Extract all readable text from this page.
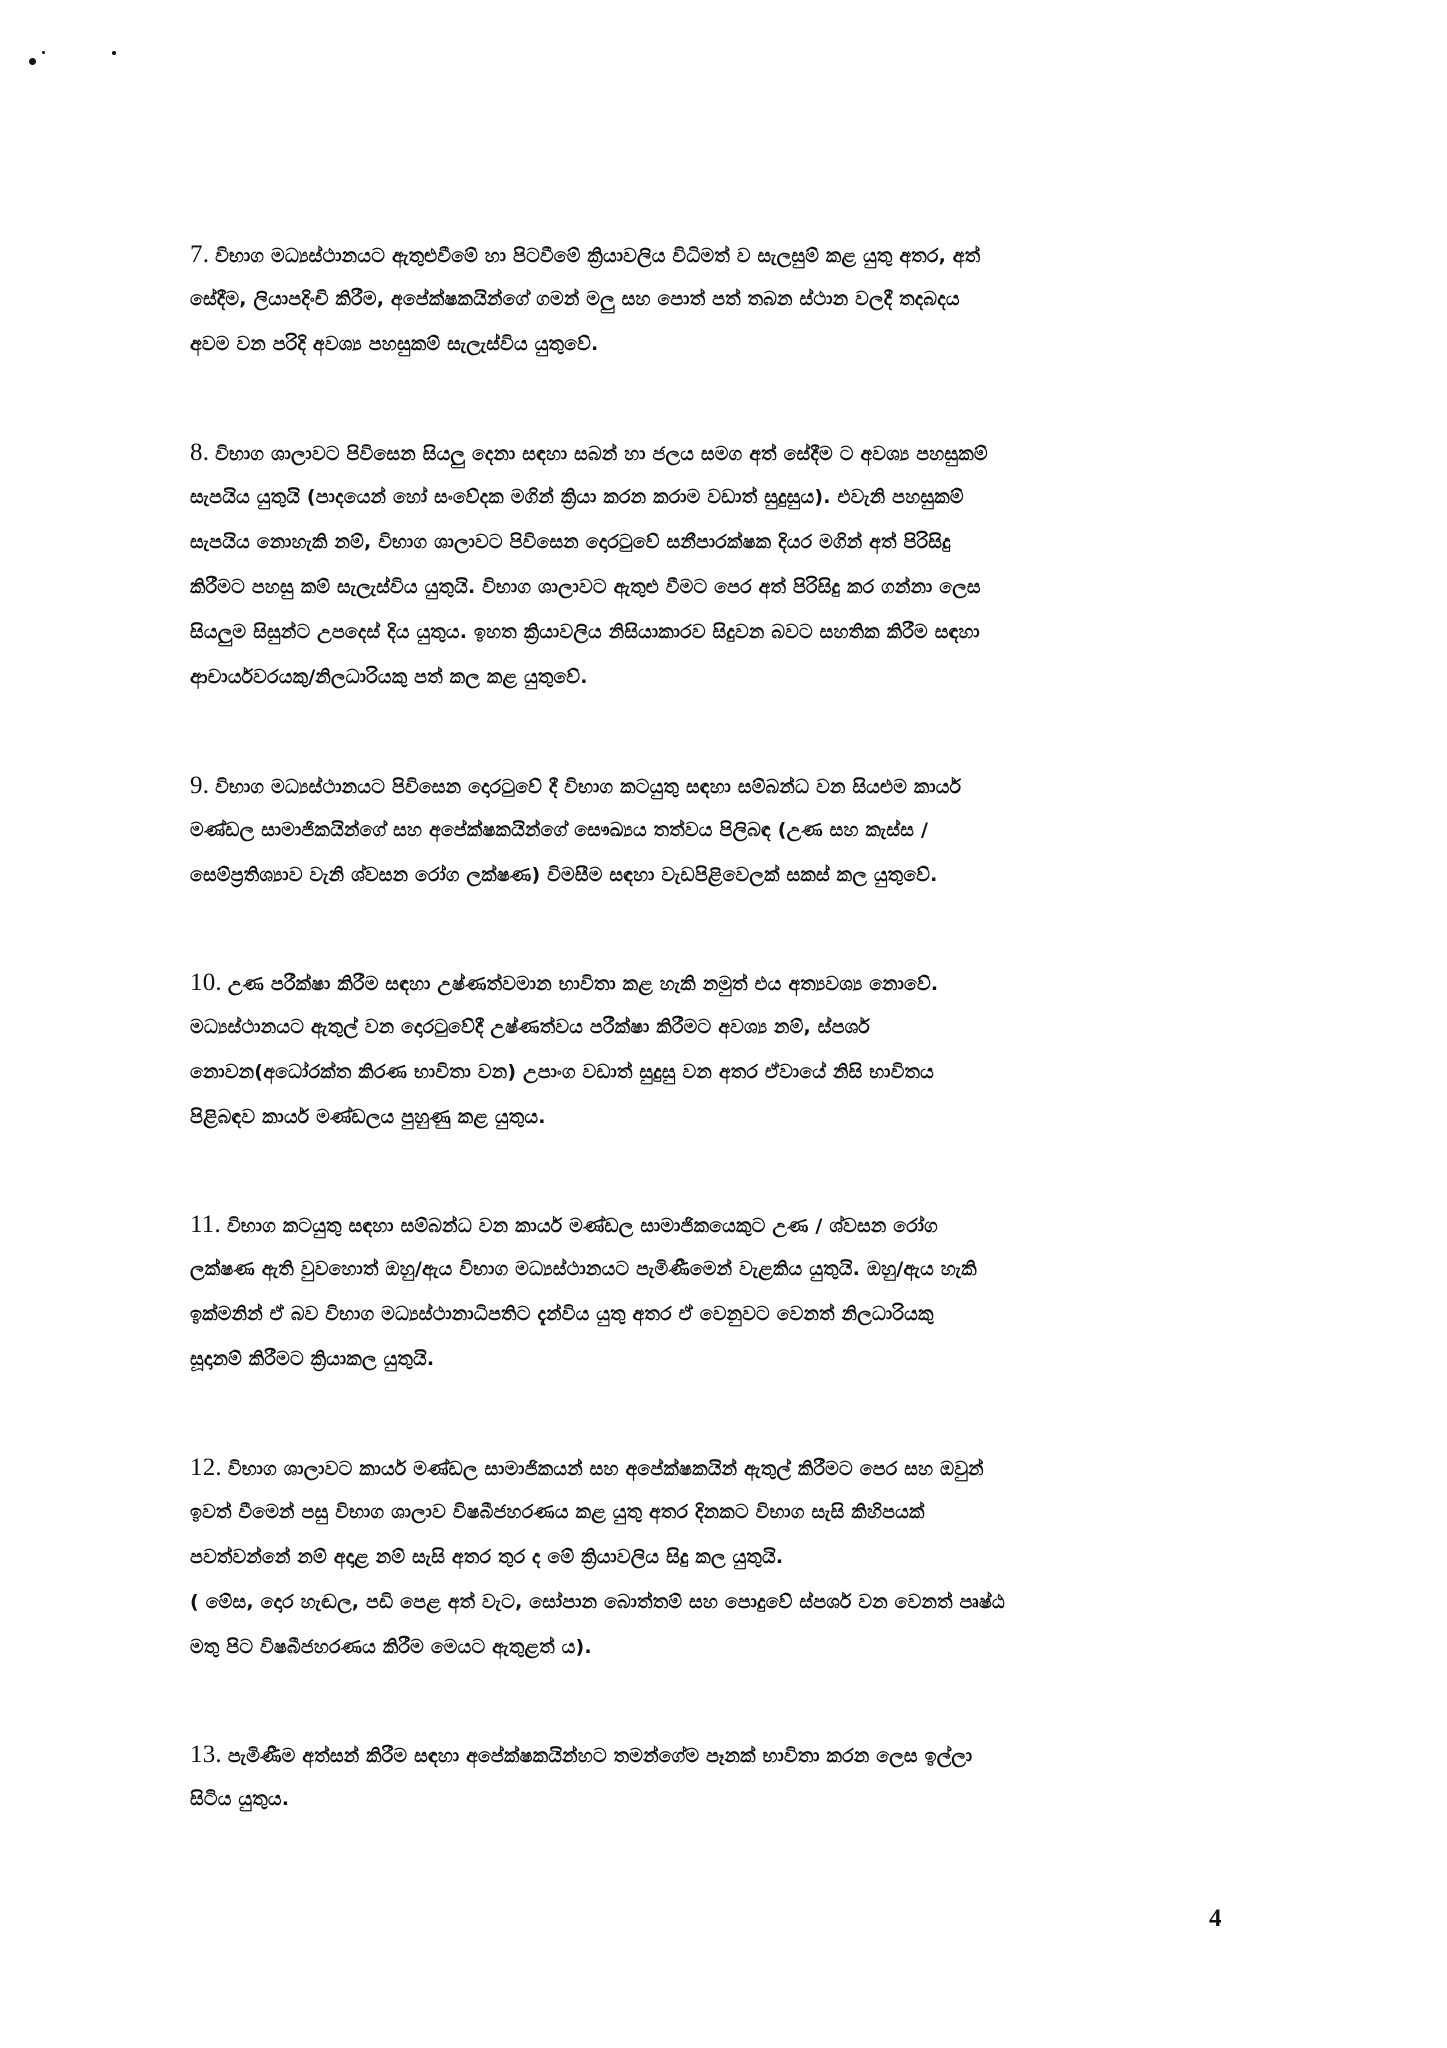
7. විභාග මධ්‍යස්ථානයට ඇතුළුවීමේ හා පිටවීමේ ක්‍රියාවලිය විධිමත් ව සැලසුම් කළ යුතු අතර, අත්
සේදීම, ලියාපදිංචි කිරීම, අපේක්ෂකයින්ගේ ගමන් මලු සහ පොත් පත් තබන ස්ථාන වලදී තදබදය
අවම වන පරිදි අවශ්‍ය පහසුකම් සැලැස්විය යුතුවේ.
8. විභාග ශාලාවට පිවිසෙන සියලු දෙනා සඳහා සබන් හා ජලය සමග අත් සේදීම ට අවශ්‍ය පහසුකම්
සැපයිය යුතුයි (පාදයෙන් හෝ සංවේදක මගින් ක්‍රියා කරන කරාම වඩාත් සුදුසුය). එවැනි පහසුකම්
සැපයිය නොහැකි නම්, විභාග ශාලාවට පිවිසෙන දොරටුවේ සනීපාරක්ෂක දියර මගින් අත් පිරිසිදු
කිරීමට පහසු කම් සැලැස්විය යුතුයි. විභාග ශාලාවට ඇතුළු වීමට පෙර අත් පිරිසිදු කර ගන්නා ලෙස
සියලුම සිසුන්ට උපදෙස් දිය යුතුය. ඉහත ක්‍රියාවලිය නිසියාකාරව සිදුවන බවට සහතික කිරීම සඳහා
ආචාර්යවරයකු/නිලධාරියකු පත් කල කළ යුතුවේ.
9. විභාග මධ්‍යස්ථානයට පිවිසෙන දොරටුවේ දී විභාග කටයුතු සඳහා සම්බන්ධ වන සියළුම කාර්ය
මණ්ඩල සාමාජිකයින්ගේ සහ අපේක්ෂකයින්ගේ සෞඛ්‍යය තත්වය පිලිබඳ (උණ සහ කැස්ස /
සෙම්ප්‍රතිශ්‍යාව වැනි ශ්වසන රෝග ලක්ෂණ) විමසීම සඳහා වැඩපිළිවෙලක් සකස් කල යුතුවේ.
10. උණ පරීක්ෂා කිරීම සඳහා උෂ්ණත්වමාන භාවිතා කළ හැකි නමුත් එය අත්‍යවශ්‍ය නොවේ.
මධ්‍යස්ථානයට ඇතුල් වන දොරටුවේදී උෂ්ණත්වය පරීක්ෂා කිරීමට අවශ්‍ය නම්, ස්පර්ශ
නොවන(අධෝරක්ත කිරණ භාවිතා වන) උපාංග වඩාත් සුදුසු වන අතර ඒවායේ නිසි භාවිතය
පිළිබඳව කාර්ය මණ්ඩලය පුහුණු කළ යුතුය.
11. විභාග කටයුතු සඳහා සම්බන්ධ වන කාර්ය මණ්ඩල සාමාජිකයෙකුට උණ / ශ්වසන රෝග
ලක්ෂණ ඇති වුවහොත් ඔහු/ඇය විභාග මධ්‍යස්ථානයට පැමිණීමෙන් වැළකිය යුතුයි. ඔහු/ඇය හැකි
ඉක්මනින් ඒ බව විභාග මධ්‍යස්ථානාධිපතිට දැන්විය යුතු අතර ඒ වෙනුවට වෙනත් නිලධාරියකු
සූදානම් කිරීමට ක්‍රියාකල යුතුයි.
12. විභාග ශාලාවට කාර්ය මණ්ඩල සාමාජිකයන් සහ අපේක්ෂකයින් ඇතුල් කිරීමට පෙර සහ ඔවුන්
ඉවත් වීමෙන් පසු විභාග ශාලාව විෂබීජහරණය කළ යුතු අතර දිනකට විභාග සැසි කිහිපයක්
පවත්වන්නේ නම් අදාළ නම් සැසි අතර තුර ද මේ ක්‍රියාවලිය සිදු කල යුතුයි.
( මේස, දොර හැඬල, පඩි පෙළ අත් වැට, සෝපාන බොත්තම් සහ පොදුවේ ස්පර්ශ වන වෙනත් පෘෂ්ඨ
මතු පිට විෂබීජහරණය කිරීම මෙයට ඇතුළත් ය).
13. පැමිණීම අත්සන් කිරීම සඳහා අපේක්ෂකයින්හට තමන්ගේම පෑනක් භාවිතා කරන ලෙස ඉල්ලා
සිටිය යුතුය.
4
